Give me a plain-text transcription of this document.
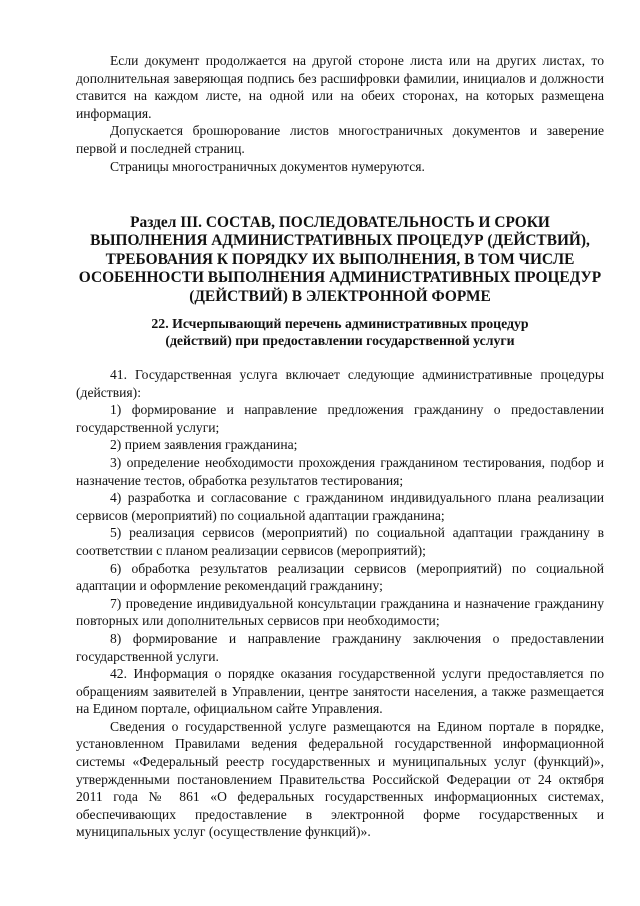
Если документ продолжается на другой стороне листа или на других листах, то дополнительная заверяющая подпись без расшифровки фамилии, инициалов и должности ставится на каждом листе, на одной или на обеих сторонах, на которых размещена информация.

Допускается брошюрование листов многостраничных документов и заверение первой и последней страниц.

Страницы многостраничных документов нумеруются.

Раздел III. СОСТАВ, ПОСЛЕДОВАТЕЛЬНОСТЬ И СРОКИ
ВЫПОЛНЕНИЯ АДМИНИСТРАТИВНЫХ ПРОЦЕДУР (ДЕЙСТВИЙ),
ТРЕБОВАНИЯ К ПОРЯДКУ ИХ ВЫПОЛНЕНИЯ, В ТОМ ЧИСЛЕ
ОСОБЕННОСТИ ВЫПОЛНЕНИЯ АДМИНИСТРАТИВНЫХ ПРОЦЕДУР
(ДЕЙСТВИЙ) В ЭЛЕКТРОННОЙ ФОРМЕ
22. Исчерпывающий перечень административных процедур
(действий) при предоставлении государственной услуги

41. Государственная услуга включает следующие административные процедуры (действия):

1) формирование и направление предложения гражданину о предоставлении государственной услуги;

2) прием заявления гражданина;

3) определение необходимости прохождения гражданином тестирования, подбор и назначение тестов, обработка результатов тестирования;

4) разработка и согласование с гражданином индивидуального плана реализации сервисов (мероприятий) по социальной адаптации гражданина;

5) реализация сервисов (мероприятий) по социальной адаптации гражданину в соответствии с планом реализации сервисов (мероприятий);

6) обработка результатов реализации сервисов (мероприятий) по социальной адаптации и оформление рекомендаций гражданину;

7) проведение индивидуальной консультации гражданина и назначение гражданину повторных или дополнительных сервисов при необходимости;

8) формирование и направление гражданину заключения о предоставлении государственной услуги.

42. Информация о порядке оказания государственной услуги предоставляется по обращениям заявителей в Управлении, центре занятости населения, а также размещается на Едином портале, официальном сайте Управления.

Сведения о государственной услуге размещаются на Едином портале в порядке, установленном Правилами ведения федеральной государственной информационной системы «Федеральный реестр государственных и муниципальных услуг (функций)», утвержденными постановлением Правительства Российской Федерации от 24 октября 2011 года № 861 «О федеральных государственных информационных системах, обеспечивающих предоставление в электронной форме государственных и муниципальных услуг (осуществление функций)».
